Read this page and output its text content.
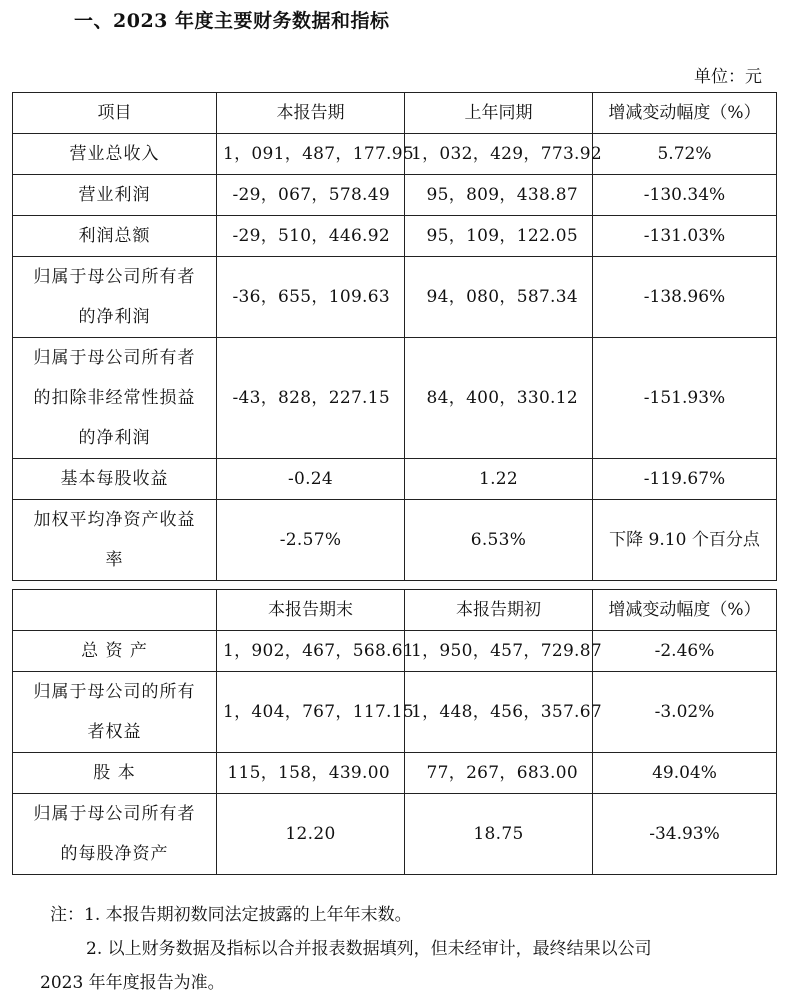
一、2023 年度主要财务数据和指标
单位：元
项目	本报告期	上年同期	增减变动幅度（%）

营业总收入	1，091，487，177.95	1，032，429，773.92	5.72%

营业利润	-29，067，578.49	95，809，438.87	-130.34%

利润总额	-29，510，446.92	95，109，122.05	-131.03%

归属于母公司所有者
的净利润	-36，655，109.63	94，080，587.34	-138.96%

归属于母公司所有者
的扣除非经常性损益
的净利润	-43，828，227.15	84，400，330.12	-151.93%

基本每股收益	-0.24	1.22	-119.67%

加权平均净资产收益
率	-2.57%	6.53%	下降 9.10 个百分点
	本报告期末	本报告期初	增减变动幅度（%）

总 资 产	1，902，467，568.61	1，950，457，729.87	-2.46%

归属于母公司的所有
者权益	1，404，767，117.15	1，448，456，357.67	-3.02%

股 本	115，158，439.00	77，267，683.00	49.04%

归属于母公司所有者
的每股净资产	12.20	18.75	-34.93%

注：1. 本报告期初数同法定披露的上年年末数。

2. 以上财务数据及指标以合并报表数据填列，但未经审计，最终结果以公司

2023 年年度报告为准。
